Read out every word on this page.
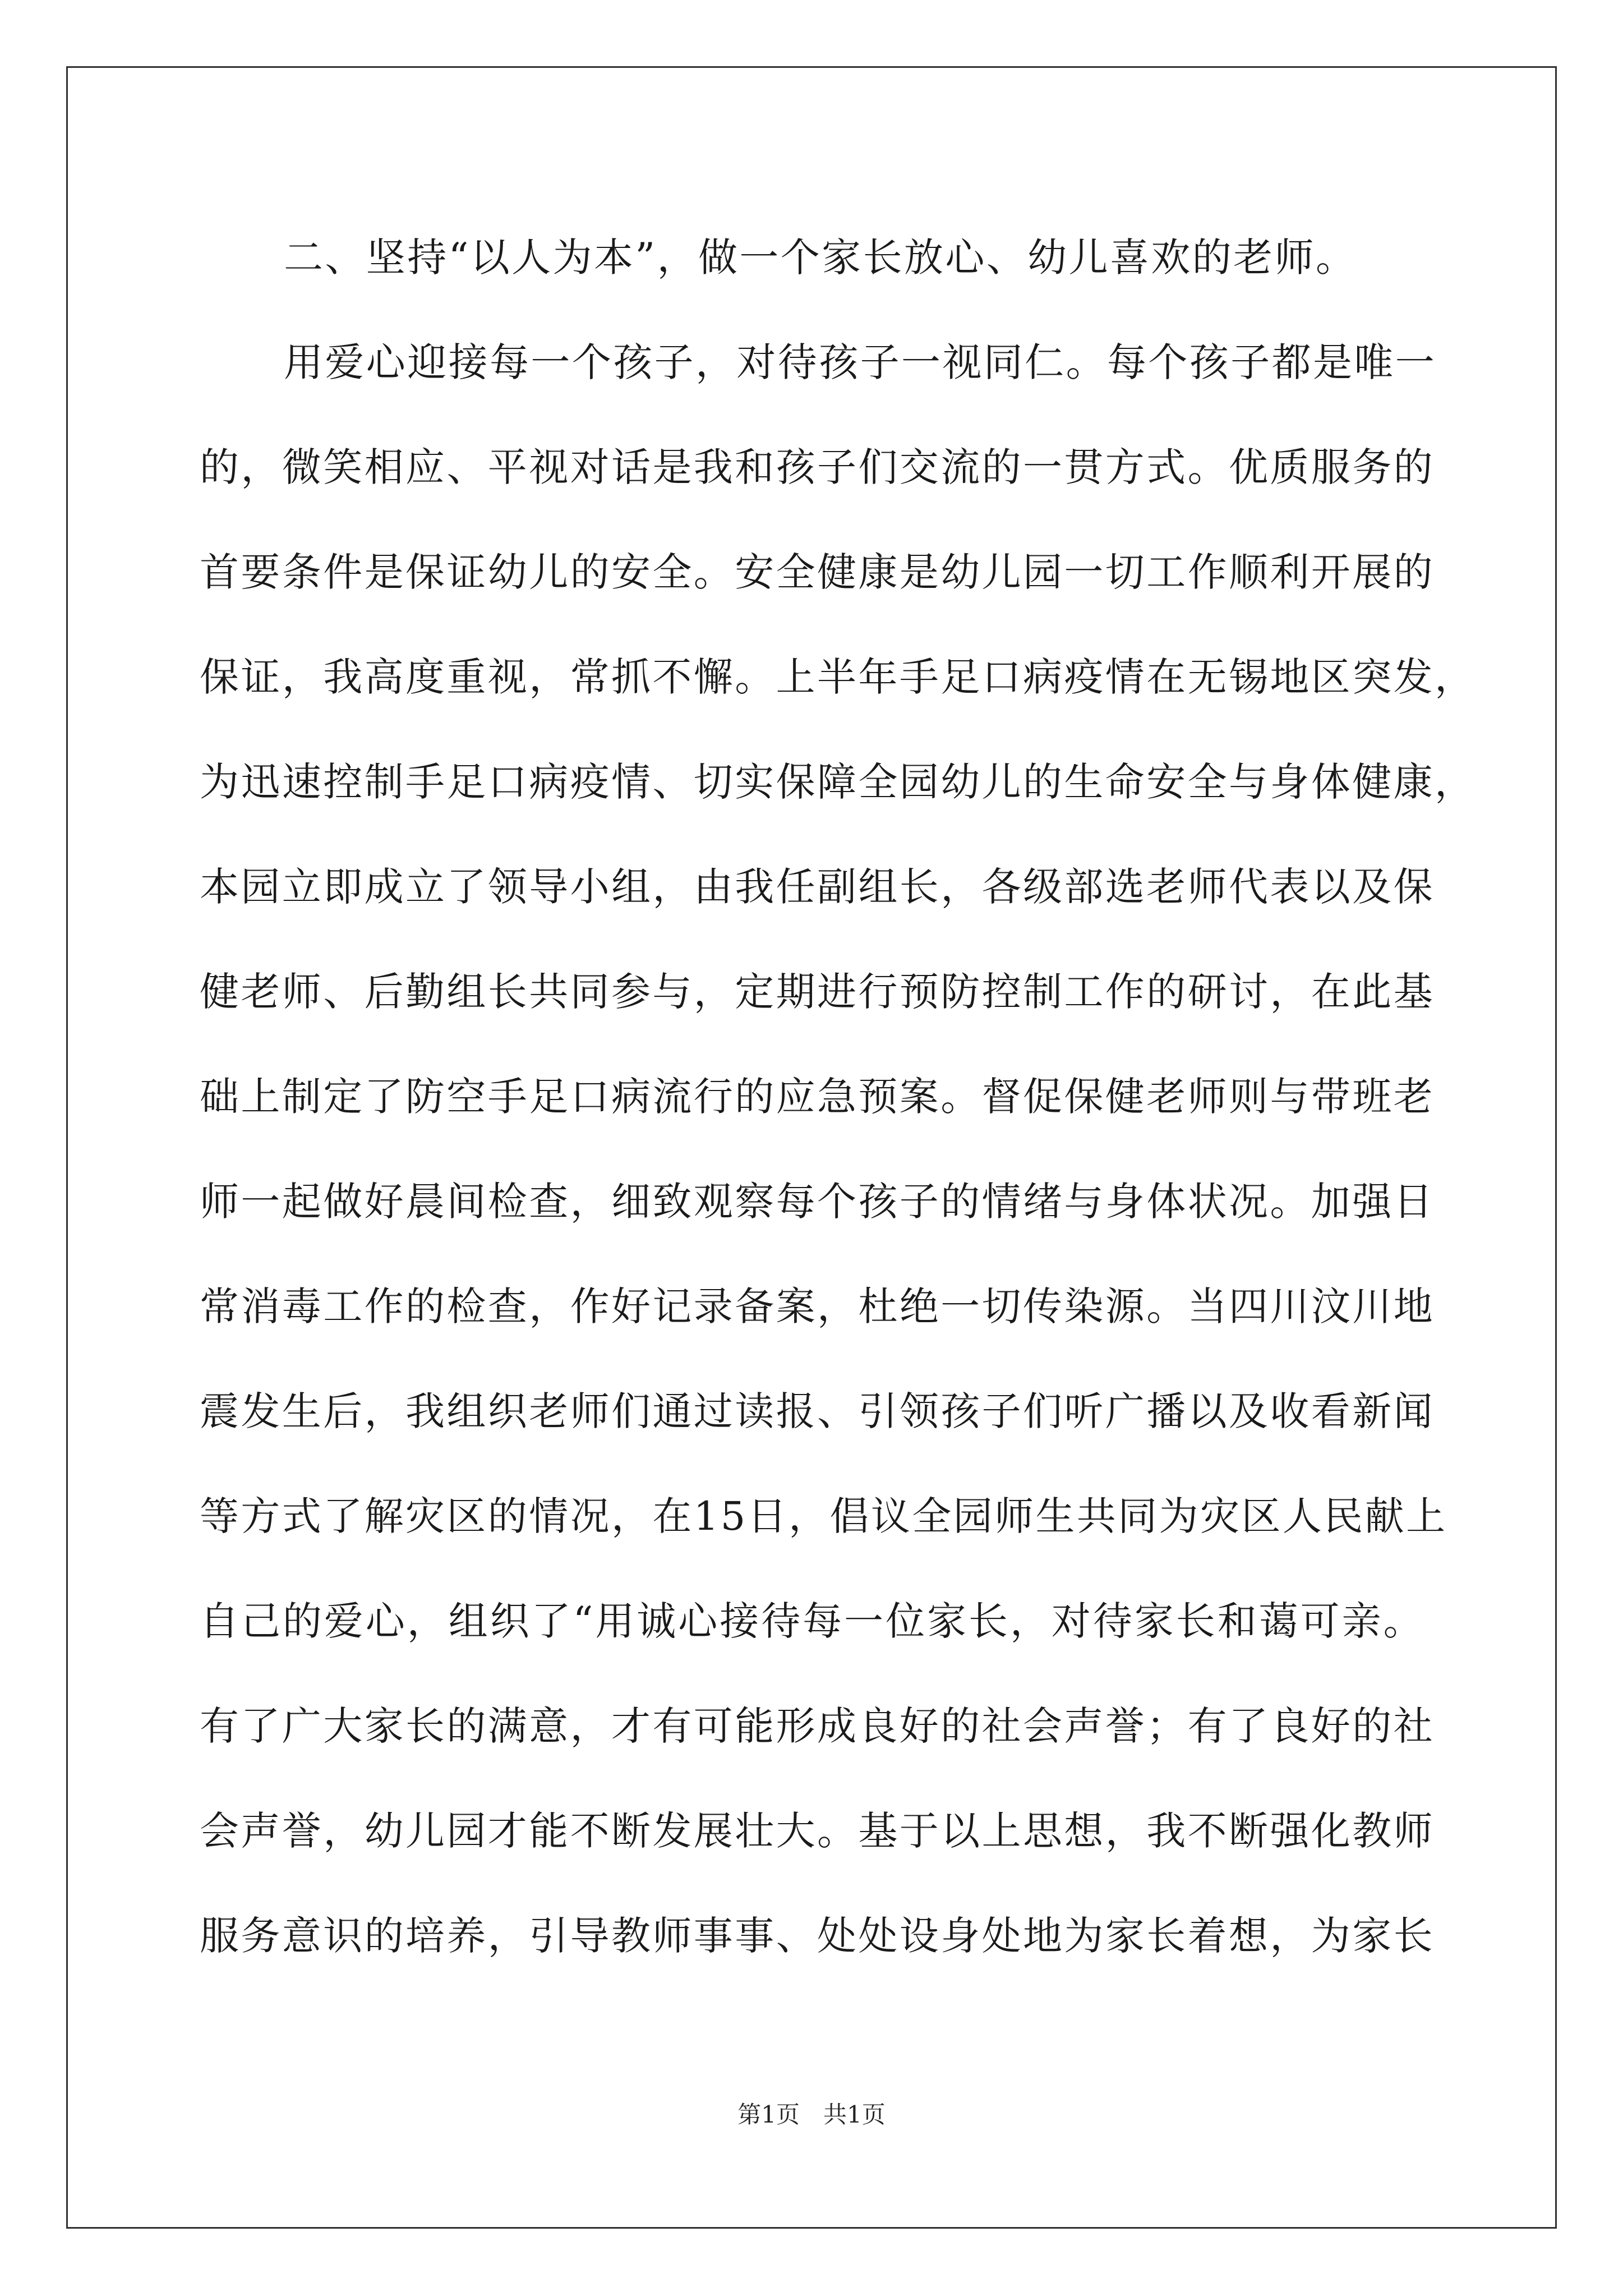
二、坚持“以人为本”，做一个家长放心、幼儿喜欢的老师。
用爱心迎接每一个孩子，对待孩子一视同仁。每个孩子都是唯一
的，微笑相应、平视对话是我和孩子们交流的一贯方式。优质服务的
首要条件是保证幼儿的安全。安全健康是幼儿园一切工作顺利开展的
保证，我高度重视，常抓不懈。上半年手足口病疫情在无锡地区突发，
为迅速控制手足口病疫情、切实保障全园幼儿的生命安全与身体健康，
本园立即成立了领导小组，由我任副组长，各级部选老师代表以及保
健老师、后勤组长共同参与，定期进行预防控制工作的研讨，在此基
础上制定了防空手足口病流行的应急预案。督促保健老师则与带班老
师一起做好晨间检查，细致观察每个孩子的情绪与身体状况。加强日
常消毒工作的检查，作好记录备案，杜绝一切传染源。当四川汶川地
震发生后，我组织老师们通过读报、引领孩子们听广播以及收看新闻
等方式了解灾区的情况，在15日，倡议全园师生共同为灾区人民献上
自己的爱心，组织了“用诚心接待每一位家长，对待家长和蔼可亲。
有了广大家长的满意，才有可能形成良好的社会声誉；有了良好的社
会声誉，幼儿园才能不断发展壮大。基于以上思想，我不断强化教师
服务意识的培养，引导教师事事、处处设身处地为家长着想，为家长
第1页　共1页
